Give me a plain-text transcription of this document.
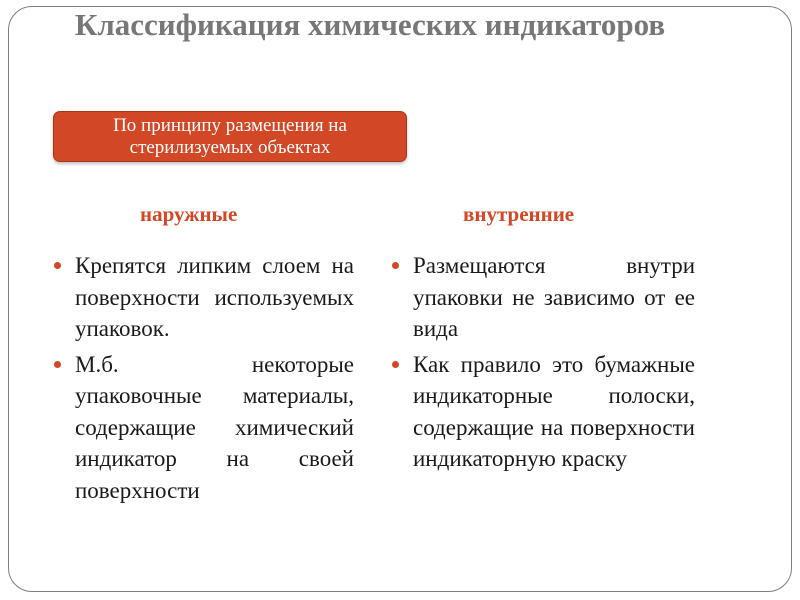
Классификация химических индикаторов
По принципу размещения на стерилизуемых объектах
наружные	внутренние
Крепятся липким слоем на поверхности используемых упаковок.
М.б. некоторые упаковочные материалы, содержащие химический индикатор на своей поверхности
Размещаются внутри упаковки не зависимо от ее вида
Как правило это бумажные индикаторные полоски, содержащие на поверхности индикаторную краску
